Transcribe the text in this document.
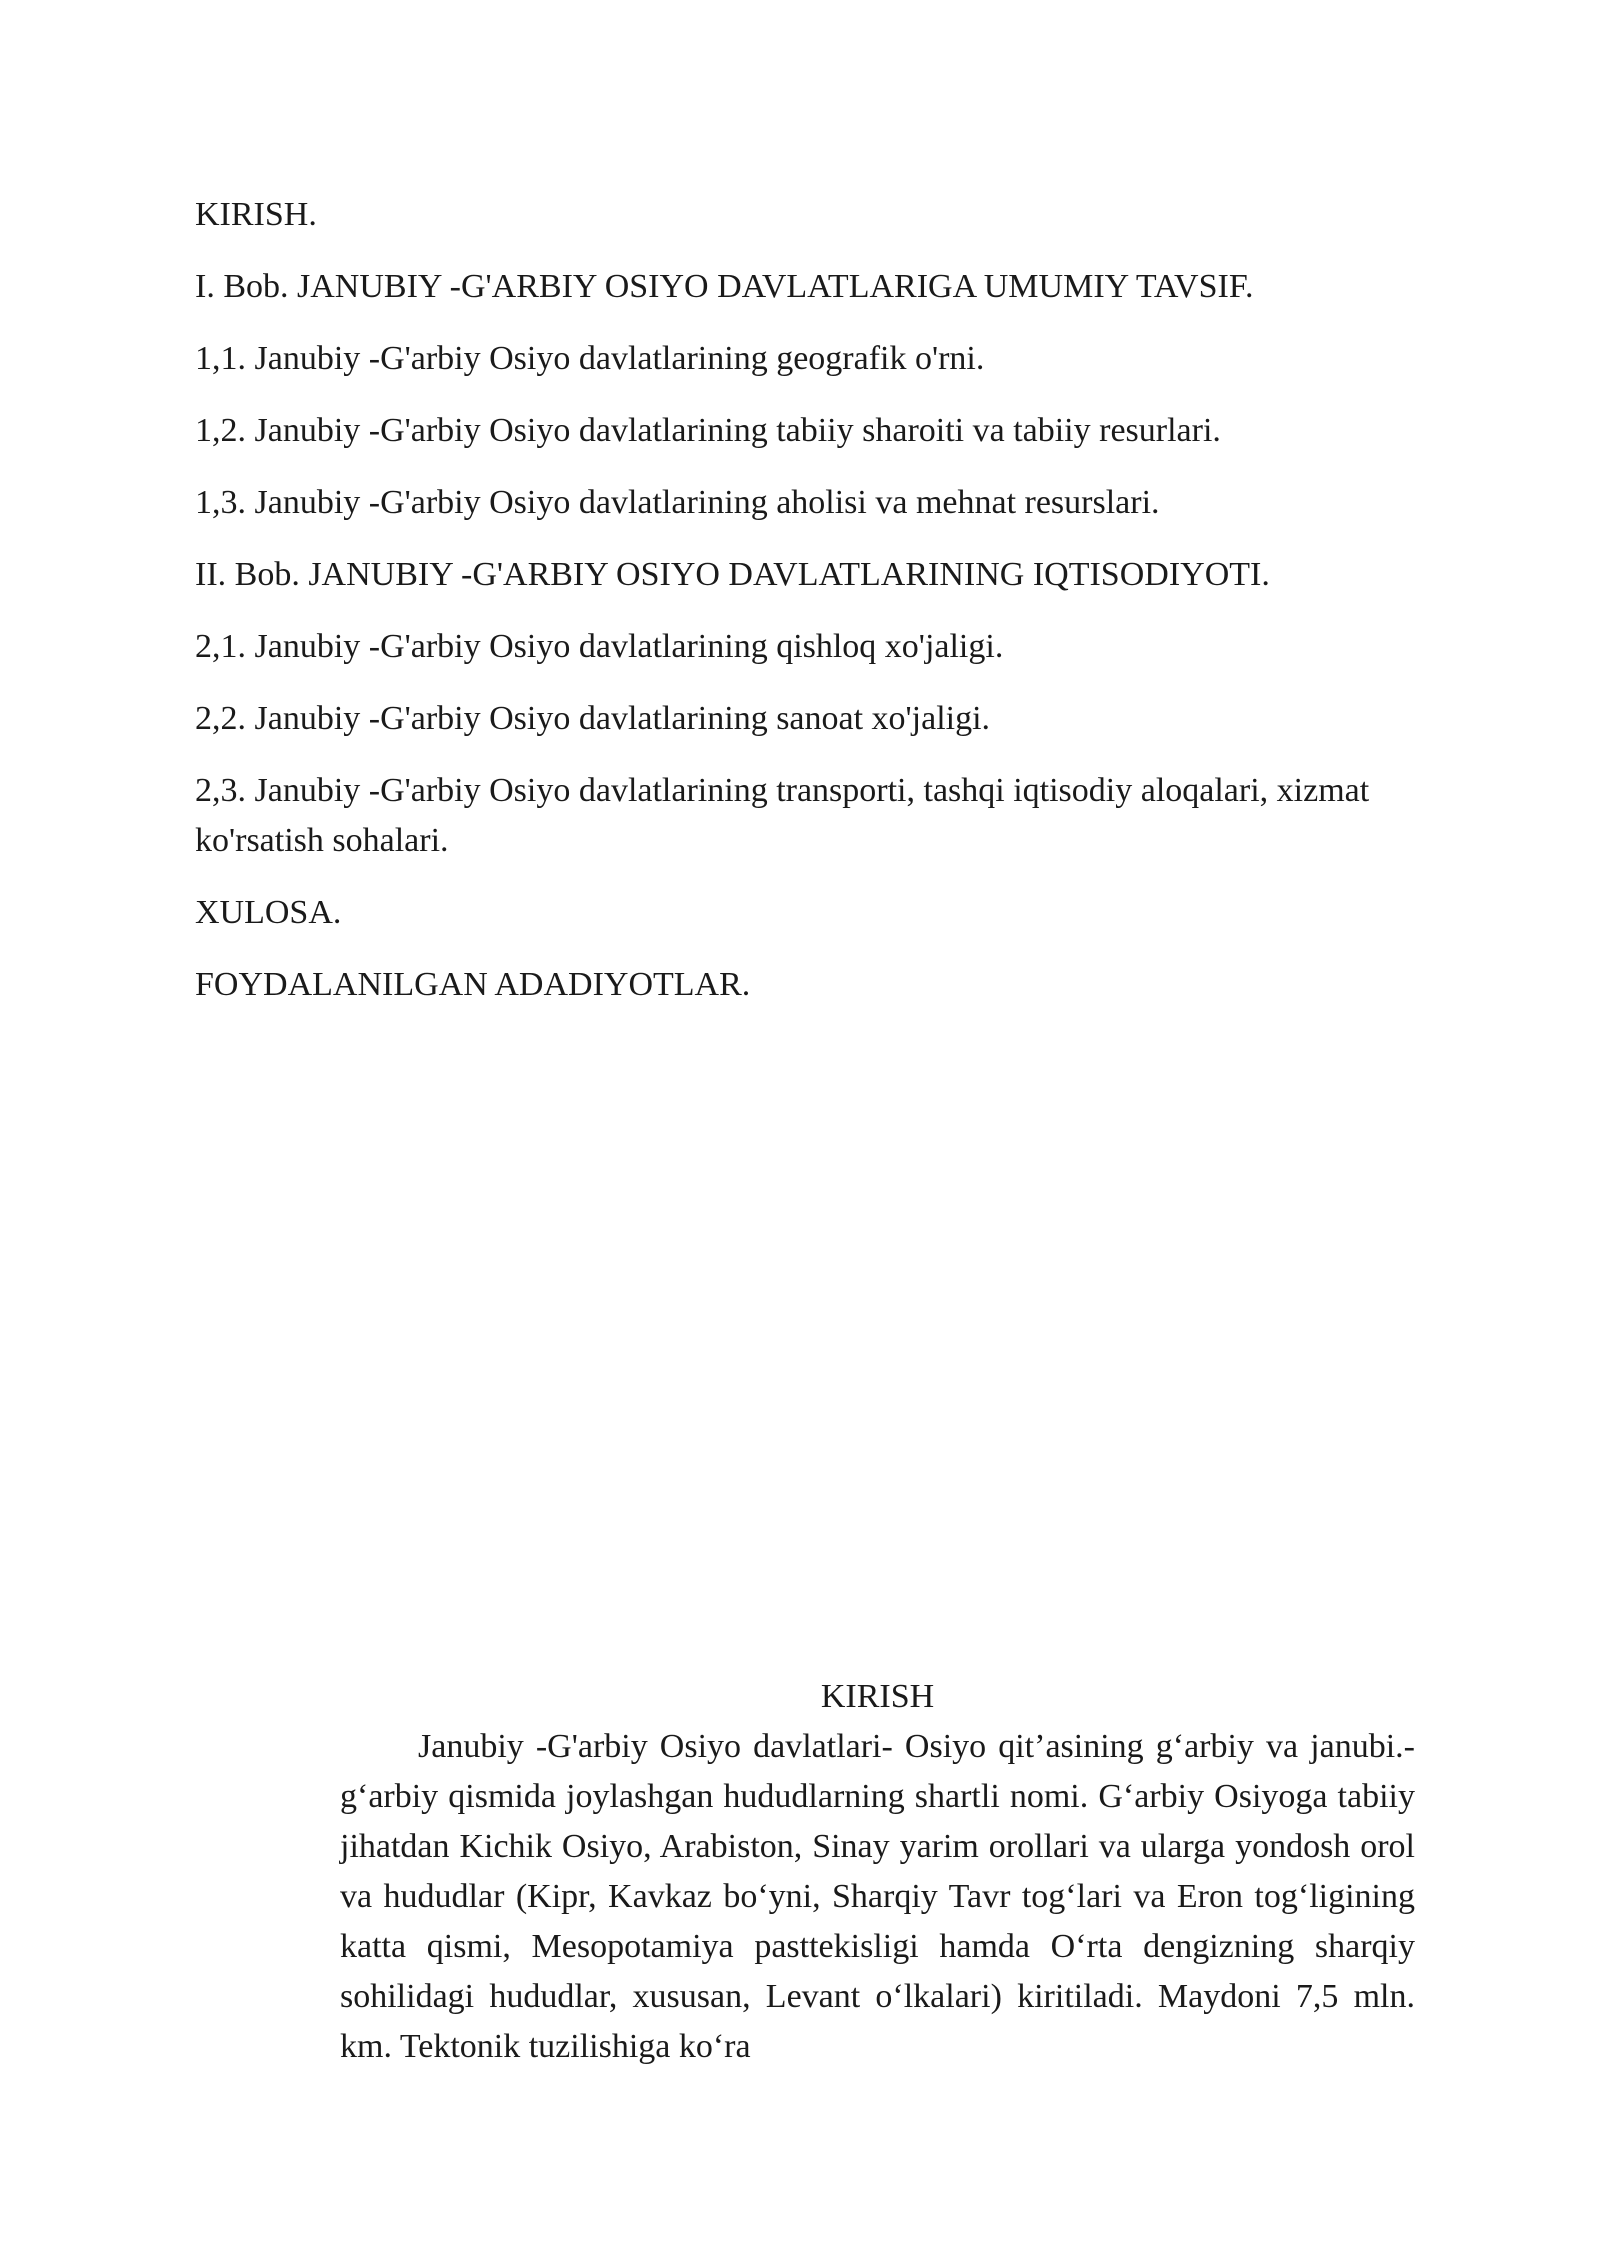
KIRISH.

I. Bob. JANUBIY -G'ARBIY OSIYO DAVLATLARIGA UMUMIY TAVSIF.

1,1. Janubiy -G'arbiy Osiyo davlatlarining geografik o'rni.

1,2. Janubiy -G'arbiy Osiyo davlatlarining tabiiy sharoiti va tabiiy resurlari.

1,3. Janubiy -G'arbiy Osiyo davlatlarining aholisi va mehnat resurslari.

II. Bob. JANUBIY -G'ARBIY OSIYO DAVLATLARINING IQTISODIYOTI.

2,1. Janubiy -G'arbiy Osiyo davlatlarining qishloq xo'jaligi.

2,2. Janubiy -G'arbiy Osiyo davlatlarining sanoat xo'jaligi.

2,3. Janubiy -G'arbiy Osiyo davlatlarining transporti, tashqi iqtisodiy aloqalari, xizmat ko'rsatish sohalari.

XULOSA.

FOYDALANILGAN ADADIYOTLAR.

KIRISH

Janubiy -G'arbiy Osiyo davlatlari- Osiyo qit’asining g‘arbiy va janubi.-g‘arbiy qismida joylashgan hududlarning shartli nomi. G‘arbiy Osiyoga tabiiy jihatdan Kichik Osiyo, Arabiston, Sinay yarim orollari va ularga yondosh orol va hududlar (Kipr, Kavkaz bo‘yni, Sharqiy Tavr tog‘lari va Eron tog‘ligining katta qismi, Mesopotamiya pasttekisligi hamda O‘rta dengizning sharqiy sohilidagi hududlar, xususan, Levant o‘lkalari) kiritiladi. Maydoni 7,5 mln. km. Tektonik tuzilishiga ko‘ra
